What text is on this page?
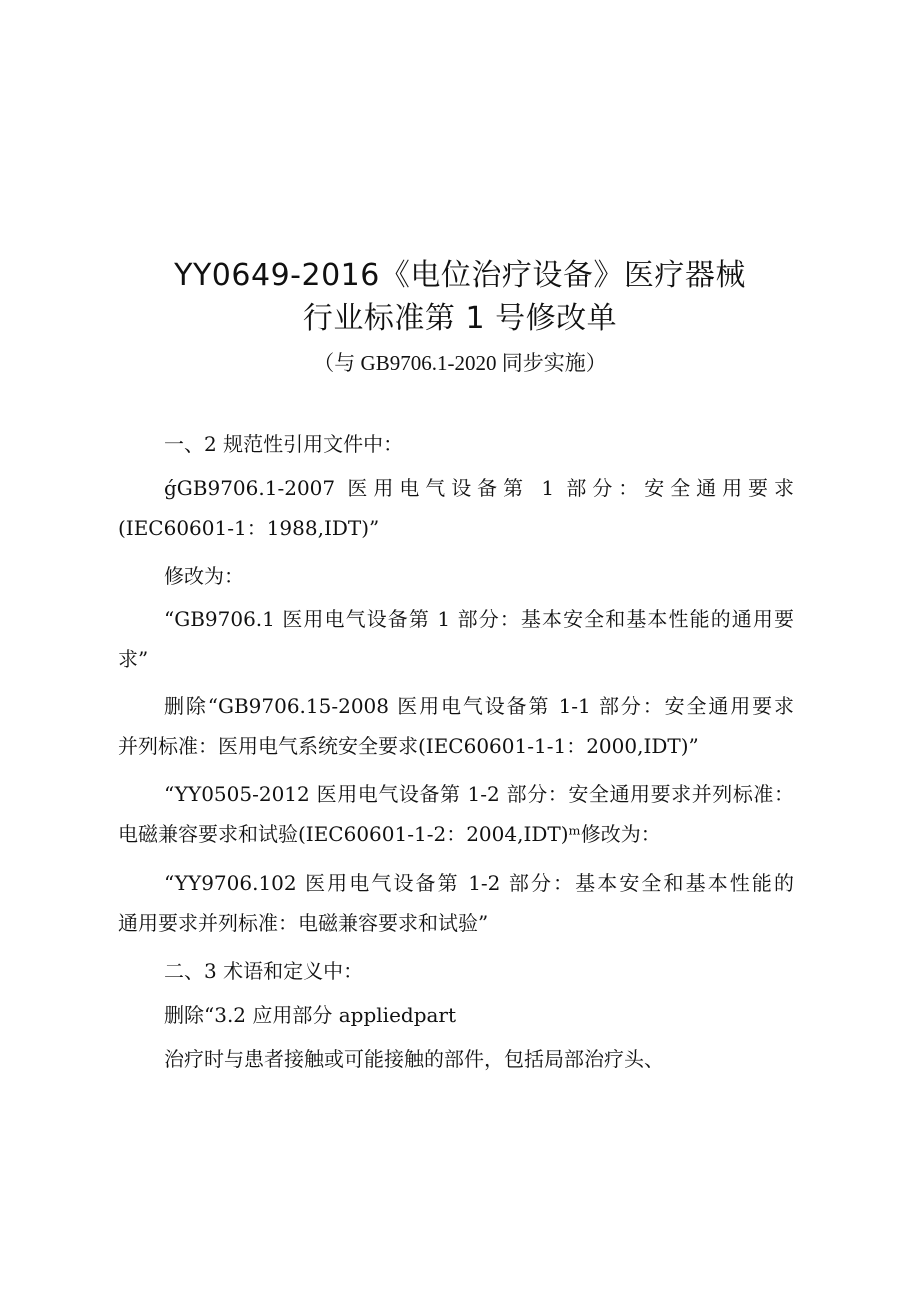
YY0649-2016《电位治疗设备》医疗器械
行业标准第 1 号修改单
（与 GB9706.1-2020 同步实施）
一、2 规范性引用文件中：
ǵGB9706.1-2007 医用电气设备第 1 部分：安全通用要求
(IEC60601-1：1988,IDT)”
修改为：
“GB9706.1 医用电气设备第 1 部分：基本安全和基本性能的通用要
求”
删除“GB9706.15-2008 医用电气设备第 1-1 部分：安全通用要求
并列标准：医用电气系统安全要求(IEC60601-1-1：2000,IDT)”
“YY0505-2012 医用电气设备第 1-2 部分：安全通用要求并列标准：
电磁兼容要求和试验(IEC60601-1-2：2004,IDT)ᵐ修改为：
“YY9706.102 医用电气设备第 1-2 部分：基本安全和基本性能的
通用要求并列标准：电磁兼容要求和试验”
二、3 术语和定义中：
删除“3.2 应用部分 appliedpart
治疗时与患者接触或可能接触的部件，包括局部治疗头、
